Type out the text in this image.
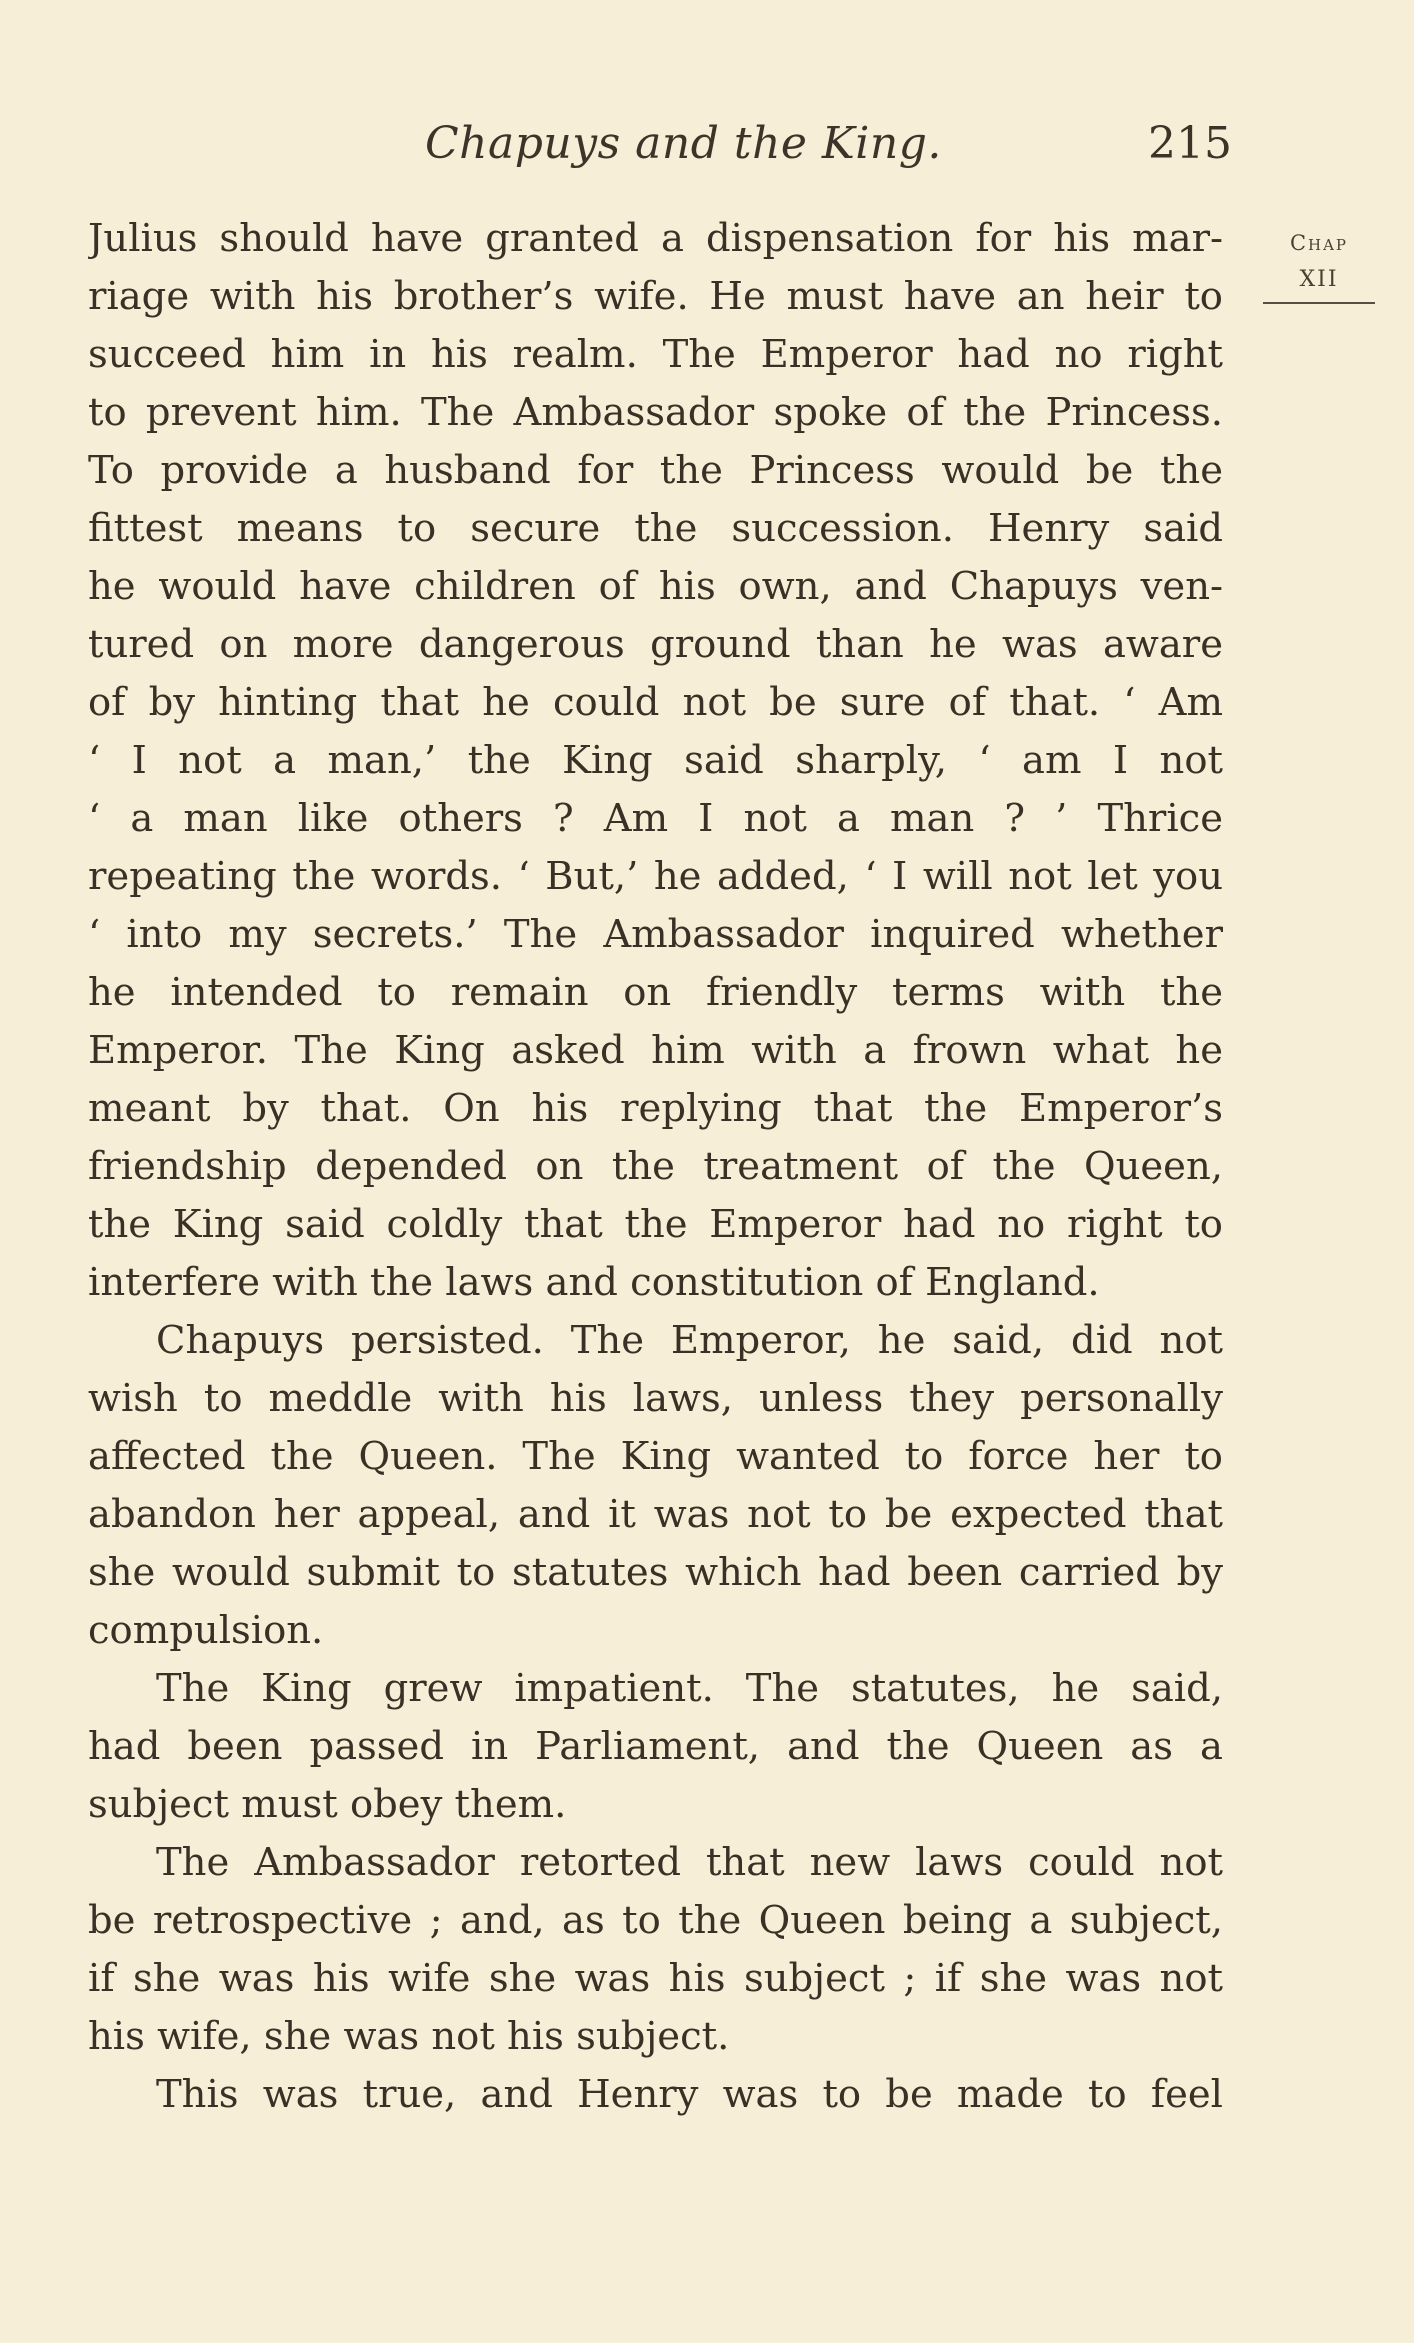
Chapuys and the King.	215
Chap
XII
Julius should have granted a dispensation for his mar-
riage with his brother’s wife. He must have an heir to
succeed him in his realm. The Emperor had no right
to prevent him. The Ambassador spoke of the Princess.
To provide a husband for the Princess would be the
fittest means to secure the succession. Henry said
he would have children of his own, and Chapuys ven-
tured on more dangerous ground than he was aware
of by hinting that he could not be sure of that. ‘ Am
‘ I not a man,’ the King said sharply, ‘ am I not
‘ a man like others ? Am I not a man ? ’ Thrice
repeating the words. ‘ But,’ he added, ‘ I will not let you
‘ into my secrets.’ The Ambassador inquired whether
he intended to remain on friendly terms with the
Emperor. The King asked him with a frown what he
meant by that. On his replying that the Emperor’s
friendship depended on the treatment of the Queen,
the King said coldly that the Emperor had no right to
interfere with the laws and constitution of England.
Chapuys persisted. The Emperor, he said, did not
wish to meddle with his laws, unless they personally
affected the Queen. The King wanted to force her to
abandon her appeal, and it was not to be expected that
she would submit to statutes which had been carried by
compulsion.
The King grew impatient. The statutes, he said,
had been passed in Parliament, and the Queen as a
subject must obey them.
The Ambassador retorted that new laws could not
be retrospective ; and, as to the Queen being a subject,
if she was his wife she was his subject ; if she was not
his wife, she was not his subject.
This was true, and Henry was to be made to feel
